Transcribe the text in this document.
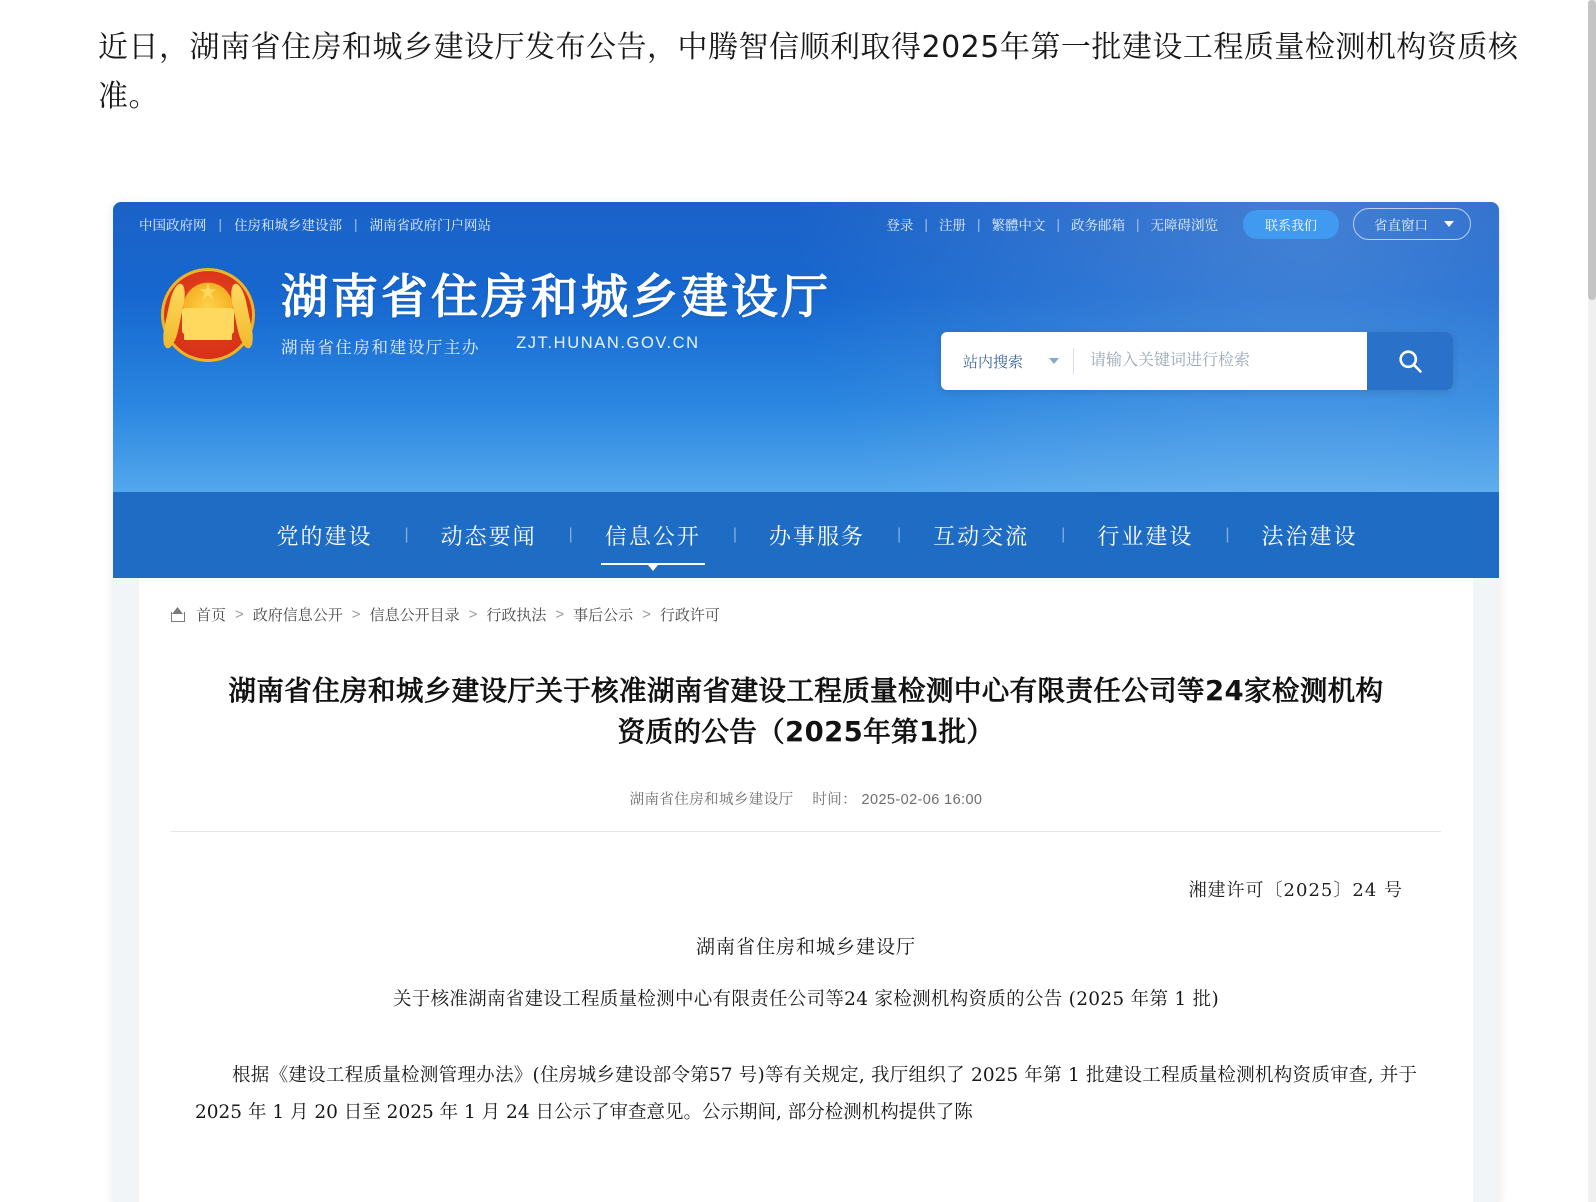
近日，湖南省住房和城乡建设厅发布公告，中腾智信顺利取得2025年第一批建设工程质量检测机构资质核准。
中国政府网 | 住房和城乡建设部 | 湖南省政府门户网站	登录 | 注册 | 繁體中文 | 政务邮箱 | 无障碍浏览	联系我们	省直窗口
★ 湖南省住房和城乡建设厅
湖南省住房和建设厅主办 ZJT.HUNAN.GOV.CN
站内搜索
请输入关键词进行检索
党的建设	|	动态要闻	|	信息公开	|	办事服务	|	互动交流	|	行业建设	|	法治建设
首页 > 政府信息公开 > 信息公开目录 > 行政执法 > 事后公示 > 行政许可
湖南省住房和城乡建设厅关于核准湖南省建设工程质量检测中心有限责任公司等24家检测机构资质的公告（2025年第1批）
湖南省住房和城乡建设厅 时间： 2025-02-06 16:00
湘建许可〔2025〕24 号
湖南省住房和城乡建设厅
关于核准湖南省建设工程质量检测中心有限责任公司等24 家检测机构资质的公告 (2025 年第 1 批)
根据《建设工程质量检测管理办法》(住房城乡建设部令第57 号)等有关规定, 我厅组织了 2025 年第 1 批建设工程质量检测机构资质审查, 并于 2025 年 1 月 20 日至 2025 年 1 月 24 日公示了审查意见。公示期间, 部分检测机构提供了陈
